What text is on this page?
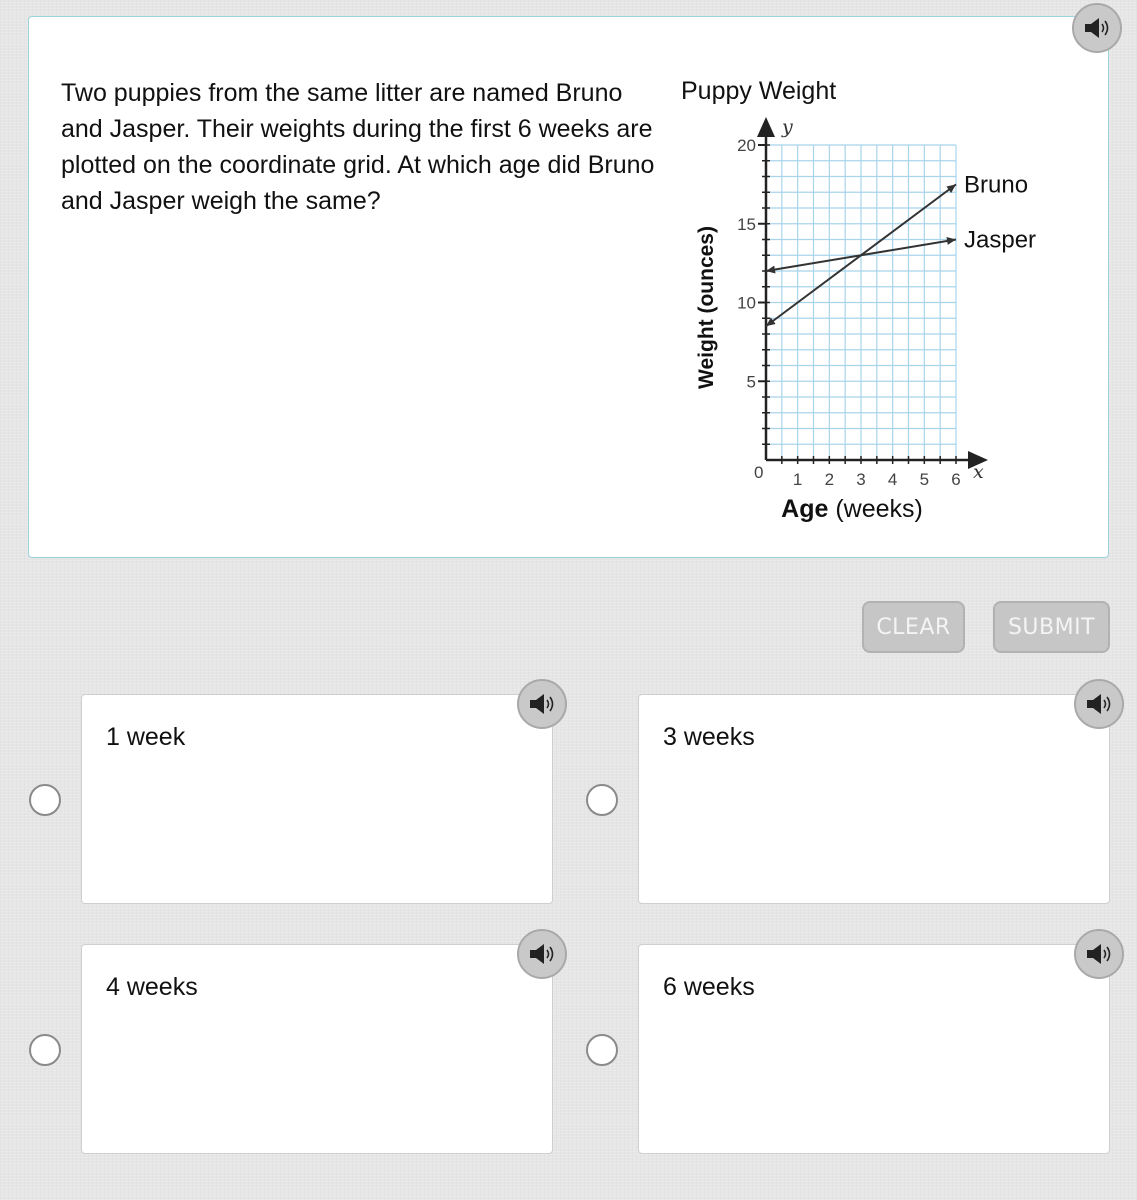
Two puppies from the same litter are named Bruno and Jasper. Their weights during the first 6 weeks are plotted on the coordinate grid. At which age did Bruno and Jasper weigh the same?
Puppy Weight
5
10
15
20
1 2 3 4 5 6
Bruno
Jasper
x
y
0
Weight (ounces)
Age (weeks)
CLEAR	SUBMIT
1 week	3 weeks
4 weeks	6 weeks
